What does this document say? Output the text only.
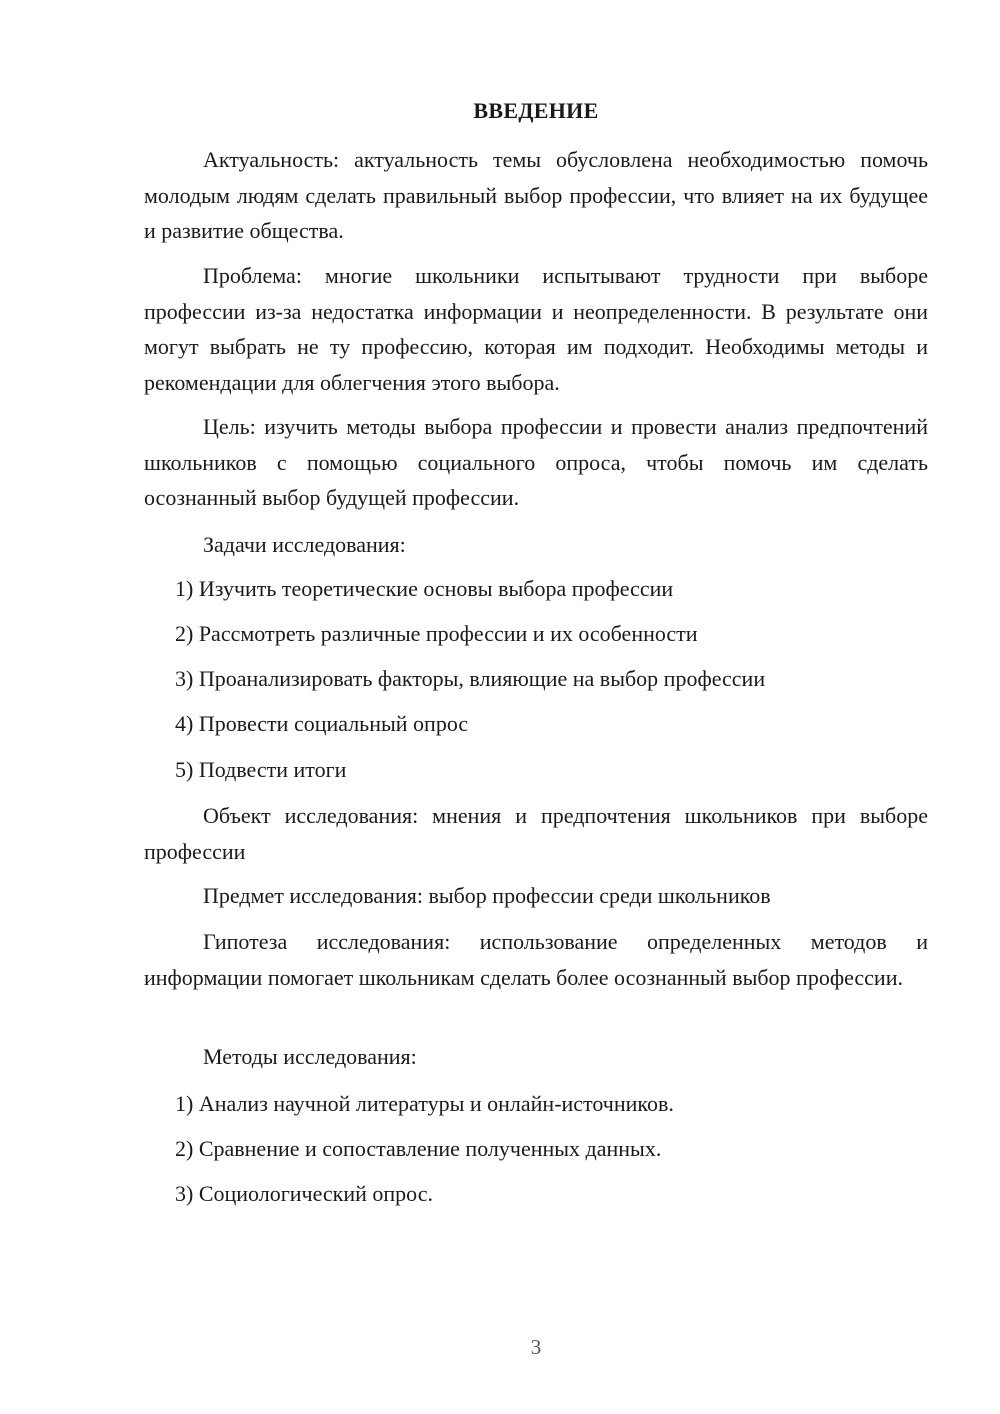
ВВЕДЕНИЕ
Актуальность: актуальность темы обусловлена необходимостью помочь молодым людям сделать правильный выбор профессии, что влияет на их будущее и развитие общества.
Проблема: многие школьники испытывают трудности при выборе профессии из-за недостатка информации и неопределенности. В результате они могут выбрать не ту профессию, которая им подходит. Необходимы методы и рекомендации для облегчения этого выбора.
Цель: изучить методы выбора профессии и провести анализ предпочтений школьников с помощью социального опроса, чтобы помочь им сделать осознанный выбор будущей профессии.
Задачи исследования:
1) Изучить теоретические основы выбора профессии
2) Рассмотреть различные профессии и их особенности
3) Проанализировать факторы, влияющие на выбор профессии
4) Провести социальный опрос
5) Подвести итоги
Объект исследования: мнения и предпочтения школьников при выборе профессии
Предмет исследования: выбор профессии среди школьников
Гипотеза исследования: использование определенных методов и информации помогает школьникам сделать более осознанный выбор профессии.
Методы исследования:
1) Анализ научной литературы и онлайн-источников.
2) Сравнение и сопоставление полученных данных.
3) Социологический опрос.
3
